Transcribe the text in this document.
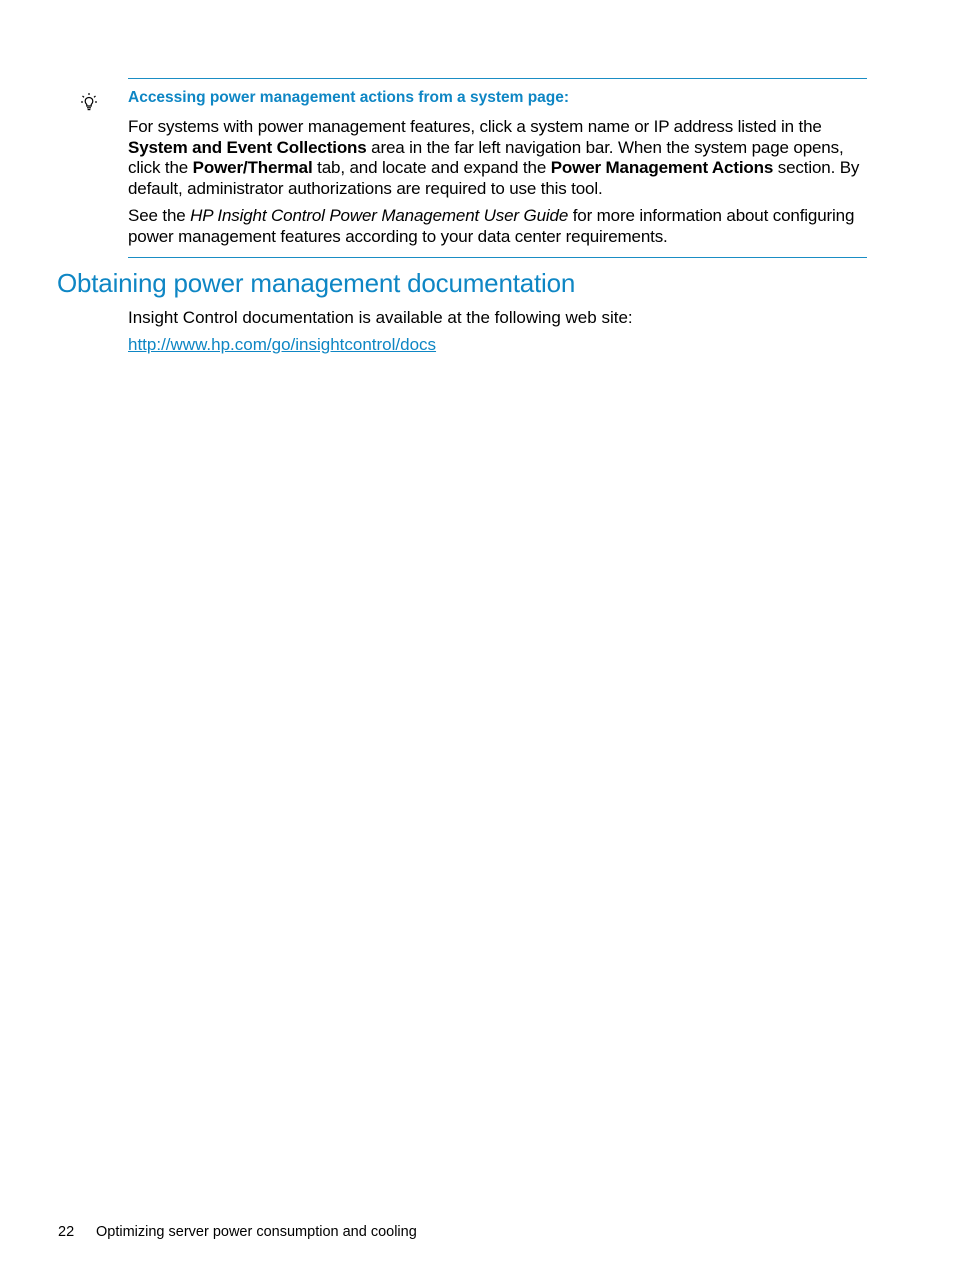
Accessing power management actions from a system page:

For systems with power management features, click a system name or IP address listed in the System and Event Collections area in the far left navigation bar. When the system page opens, click the Power/Thermal tab, and locate and expand the Power Management Actions section. By default, administrator authorizations are required to use this tool.

See the HP Insight Control Power Management User Guide for more information about configuring power management features according to your data center requirements.

Obtaining power management documentation

Insight Control documentation is available at the following web site:

http://www.hp.com/go/insightcontrol/docs
22 Optimizing server power consumption and cooling
